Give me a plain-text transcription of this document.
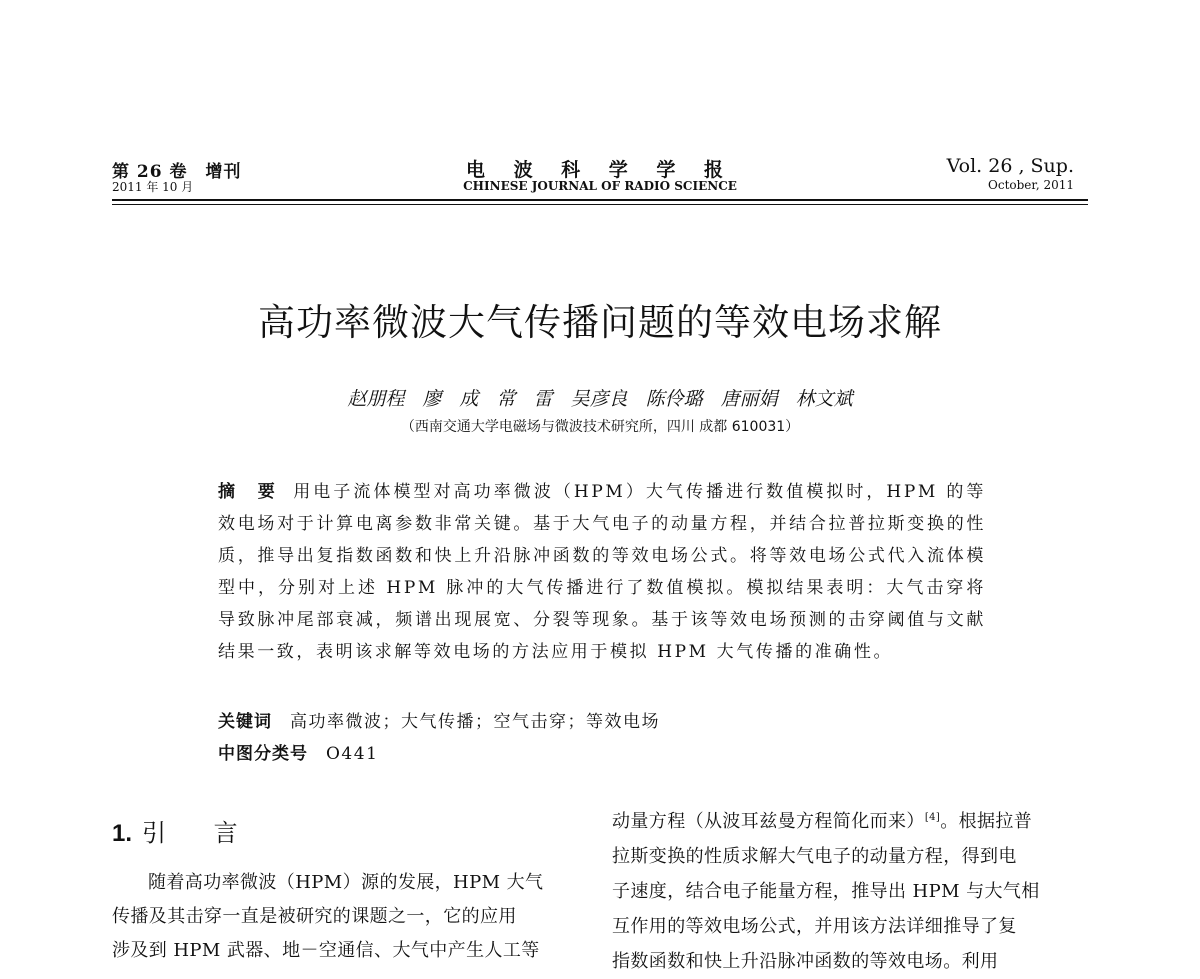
第 26 卷　增刊
2011 年 10 月
电 波 科 学 学 报
CHINESE JOURNAL OF RADIO SCIENCE
Vol. 26 , Sup.
October, 2011
高功率微波大气传播问题的等效电场求解
赵朋程 廖 成 常 雷 吴彦良 陈伶璐 唐丽娟 林文斌
（西南交通大学电磁场与微波技术研究所，四川 成都 610031）
摘 要 用电子流体模型对高功率微波（HPM）大气传播进行数值模拟时，HPM 的等效电场对于计算电离参数非常关键。基于大气电子的动量方程，并结合拉普拉斯变换的性质，推导出复指数函数和快上升沿脉冲函数的等效电场公式。将等效电场公式代入流体模型中，分别对上述 HPM 脉冲的大气传播进行了数值模拟。模拟结果表明：大气击穿将导致脉冲尾部衰减，频谱出现展宽、分裂等现象。基于该等效电场预测的击穿阈值与文献结果一致，表明该求解等效电场的方法应用于模拟 HPM 大气传播的准确性。
关键词 高功率微波；大气传播；空气击穿；等效电场
中图分类号 O441
1. 引 言
随着高功率微波（HPM）源的发展，HPM 大气
传播及其击穿一直是被研究的课题之一，它的应用
涉及到 HPM 武器、地－空通信、大气中产生人工等
动量方程（从波耳兹曼方程简化而来）[4]。根据拉普
拉斯变换的性质求解大气电子的动量方程，得到电
子速度，结合电子能量方程，推导出 HPM 与大气相
互作用的等效电场公式，并用该方法详细推导了复
指数函数和快上升沿脉冲函数的等效电场。利用
